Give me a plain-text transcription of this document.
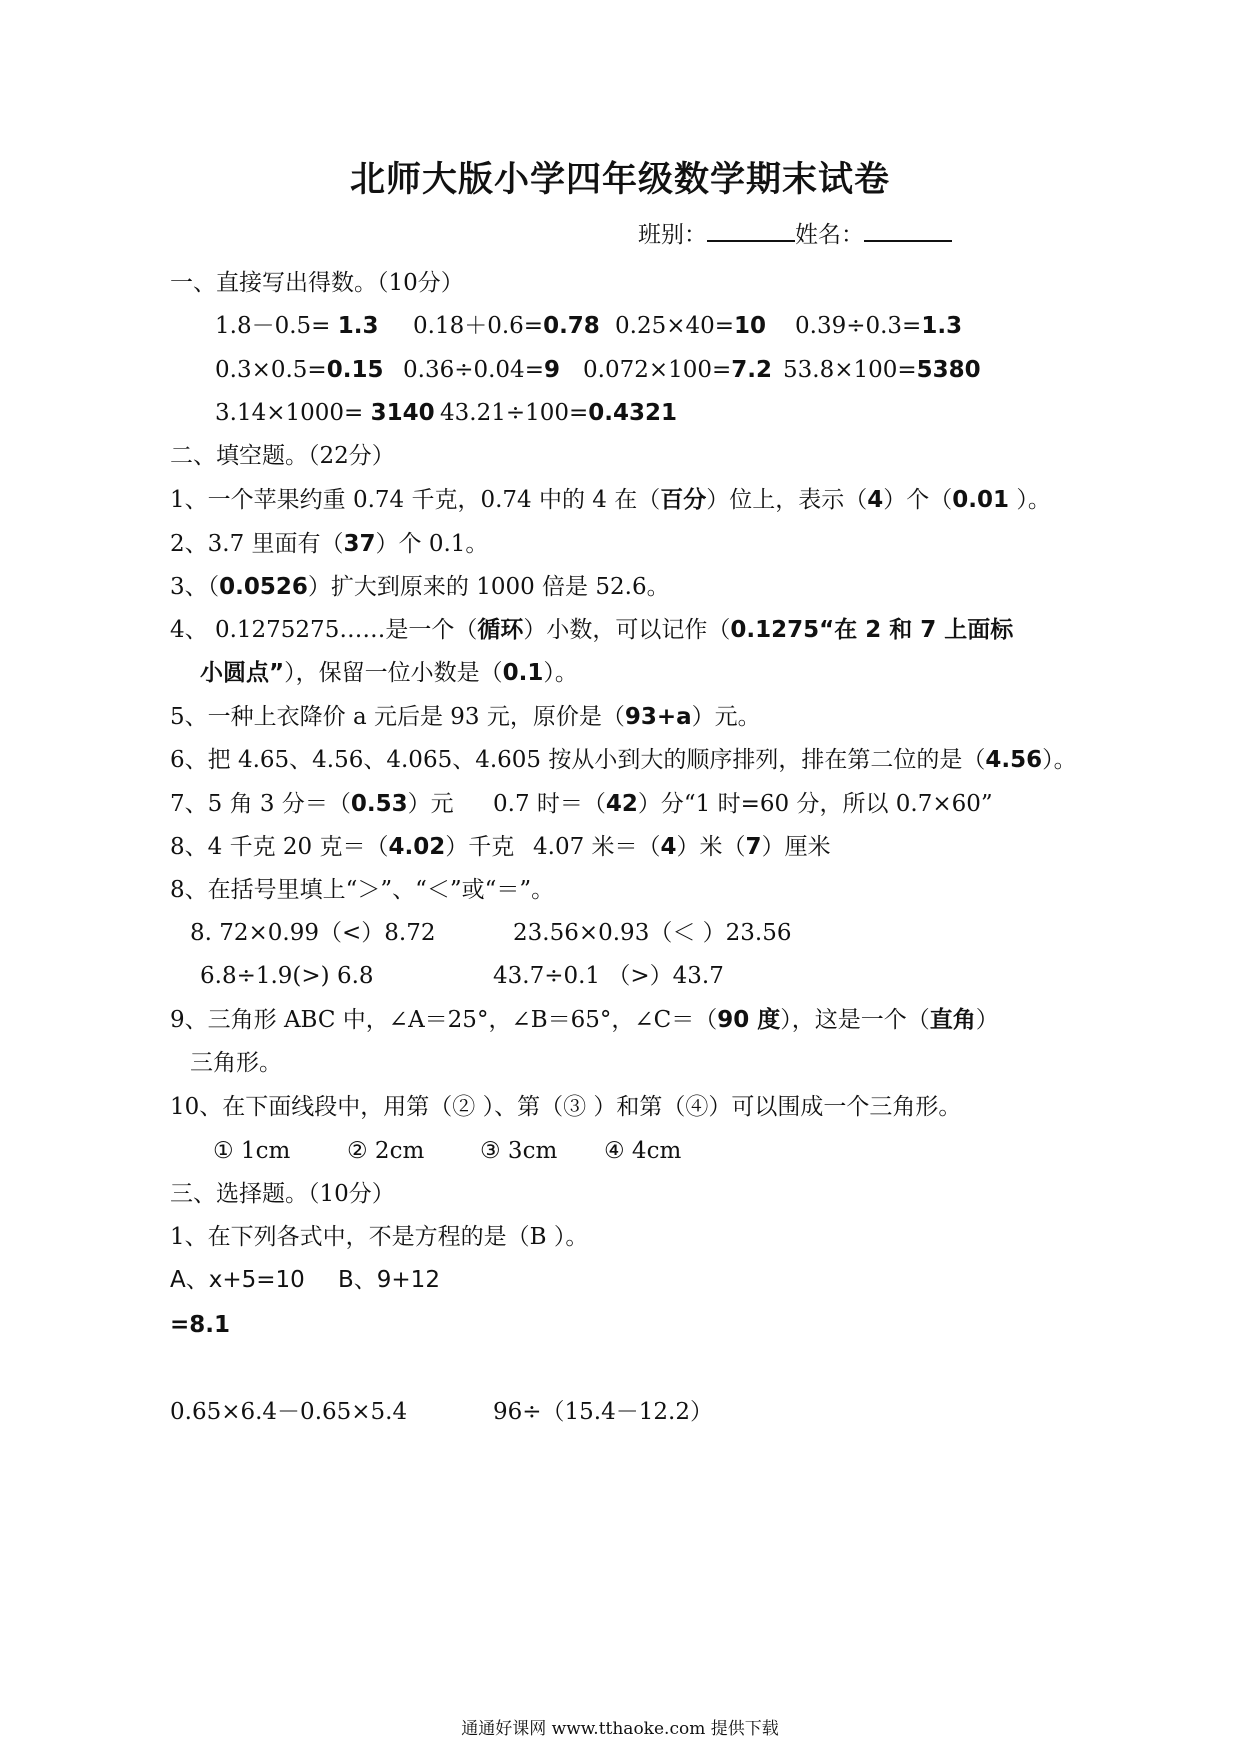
北师大版小学四年级数学期末试卷
班别：	姓名：
一、直接写出得数。（10分）
1.8－0.5= 1.3 0.18＋0.6=0.78 0.25×40=10 0.39÷0.3=1.3
0.3×0.5=0.15 0.36÷0.04=9 0.072×100=7.2 53.8×100=5380
3.14×1000= 3140 43.21÷100=0.4321
二、填空题。（22分）
1、一个苹果约重 0.74 千克，0.74 中的 4 在（百分）位上，表示（4）个（0.01 ）。
2、3.7 里面有（37）个 0.1。
3、（0.0526）扩大到原来的 1000 倍是 52.6。
4、 0.1275275……是一个（循环）小数，可以记作（0.1275“在 2 和 7 上面标
小圆点”），保留一位小数是（0.1）。
5、一种上衣降价 a 元后是 93 元，原价是（93+a）元。
6、把 4.65、4.56、4.065、4.605 按从小到大的顺序排列，排在第二位的是（4.56）。
7、5 角 3 分＝（0.53）元 0.7 时＝（42）分“1 时=60 分，所以 0.7×60”
8、4 千克 20 克＝（4.02）千克 4.07 米＝（4）米（7）厘米
8、在括号里填上“＞”、“＜”或“＝”。
8. 72×0.99（<）8.72	23.56×0.93（＜ ）23.56
6.8÷1.9(>) 6.8	43.7÷0.1 （>）43.7
9、三角形 ABC 中，∠A＝25°，∠B＝65°，∠C＝（90 度），这是一个（直角）
三角形。
10、在下面线段中，用第（② ）、第（③ ）和第（④）可以围成一个三角形。
① 1cm ② 2cm ③ 3cm ④ 4cm
三、选择题。（10分）
1、在下列各式中，不是方程的是（B ）。
A、x+5=10 B、9+12
=8.1
0.65×6.4－0.65×5.4	96÷（15.4－12.2）
通通好课网 www.tthaoke.com 提供下载
